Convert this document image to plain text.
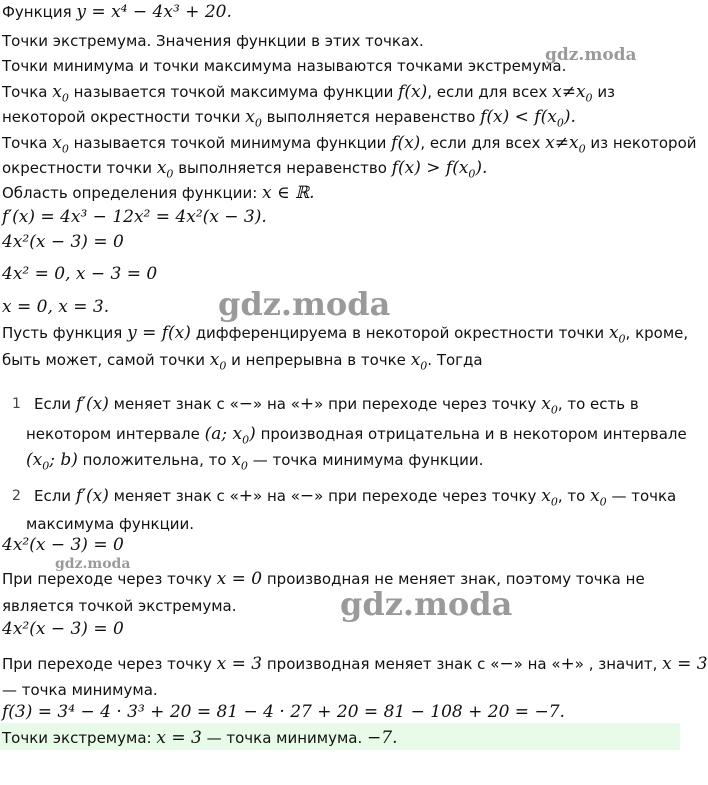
Функция y = x⁴ − 4x³ + 20.
Точки экстремума. Значения функции в этих точках.
Точки минимума и точки максимума называются точками экстремума.
gdz.moda
Точка $x_0$ называется точкой максимума функции f(x), если для всех $x\ne x_0$ из
некоторой окрестности точки $x_0$ выполняется неравенство $f(x) < f(x_0)$.
Точка $x_0$ называется точкой минимума функции f(x), если для всех $x\ne x_0$ из некоторой
окрестности точки $x_0$ выполняется неравенство $f(x) > f(x_0)$.
Область определения функции: x ∈ ℝ.
f′(x) = 4x³ − 12x² = 4x²(x − 3).
4x²(x − 3) = 0
4x² = 0, x − 3 = 0
x = 0, x = 3.	gdz.moda
Пусть функция y = f(x) дифференцируема в некоторой окрестности точки $x_0$, кроме,
быть может, самой точки $x_0$ и непрерывна в точке $x_0$. Тогда
1 Если f′(x) меняет знак с «−» на «+» при переходе через точку $x_0$, то есть в
некотором интервале (a; $x_0$) производная отрицательна и в некотором интервале
($x_0$; b) положительна, то $x_0$ — точка минимума функции.
2 Если f′(x) меняет знак с «+» на «−» при переходе через точку $x_0$, то $x_0$ — точка
максимума функции.
4x²(x − 3) = 0
gdz.moda
При переходе через точку x = 0 производная не меняет знак, поэтому точка не
является точкой экстремума.	gdz.moda
4x²(x − 3) = 0
При переходе через точку x = 3 производная меняет знак с «−» на «+» , значит, x = 3
— точка минимума.
f(3) = 3⁴ − 4 · 3³ + 20 = 81 − 4 · 27 + 20 = 81 − 108 + 20 = −7.
Точки экстремума: x = 3 — точка минимума. −7.
